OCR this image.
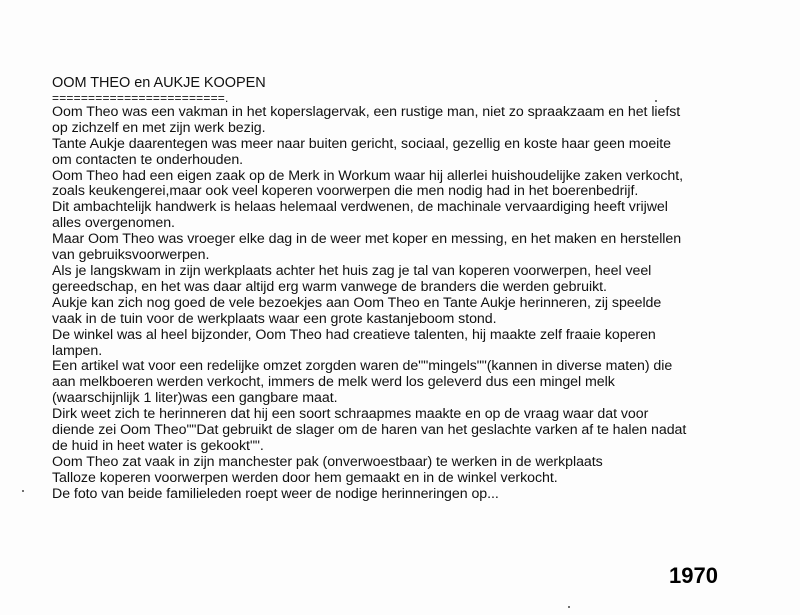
OOM THEO en AUKJE KOOPEN
========================.
Oom Theo was een vakman in het koperslagervak, een rustige man, niet zo spraakzaam en het liefst
op zichzelf en met zijn werk bezig.
Tante Aukje daarentegen was meer naar buiten gericht, sociaal, gezellig en koste haar geen moeite
om contacten te onderhouden.
Oom Theo had een eigen zaak op de Merk in Workum waar hij allerlei huishoudelijke zaken verkocht,
zoals keukengerei,maar ook veel koperen voorwerpen die men nodig had in het boerenbedrijf.
Dit ambachtelijk handwerk is helaas helemaal verdwenen, de machinale vervaardiging heeft vrijwel
alles overgenomen.
Maar Oom Theo was vroeger elke dag in de weer met koper en messing, en het maken en herstellen
van gebruiksvoorwerpen.
Als je langskwam in zijn werkplaats achter het huis zag je tal van koperen voorwerpen, heel veel
gereedschap, en het was daar altijd erg warm vanwege de branders die werden gebruikt.
Aukje kan zich nog goed de vele bezoekjes aan Oom Theo en Tante Aukje herinneren, zij speelde
vaak in de tuin voor de werkplaats waar een grote kastanjeboom stond.
De winkel was al heel bijzonder, Oom Theo had creatieve talenten, hij maakte zelf fraaie koperen
lampen.
Een artikel wat voor een redelijke omzet zorgden waren de""mingels""(kannen in diverse maten) die
aan melkboeren werden verkocht, immers de melk werd los geleverd dus een mingel melk
(waarschijnlijk 1 liter)was een gangbare maat.
Dirk weet zich te herinneren dat hij een soort schraapmes maakte en op de vraag waar dat voor
diende zei Oom Theo""Dat gebruikt de slager om de haren van het geslachte varken af te halen nadat
de huid in heet water is gekookt"".
Oom Theo zat vaak in zijn manchester pak (onverwoestbaar) te werken in de werkplaats
Talloze koperen voorwerpen werden door hem gemaakt en in de winkel verkocht.
De foto van beide familieleden roept weer de nodige herinneringen op...
1970
